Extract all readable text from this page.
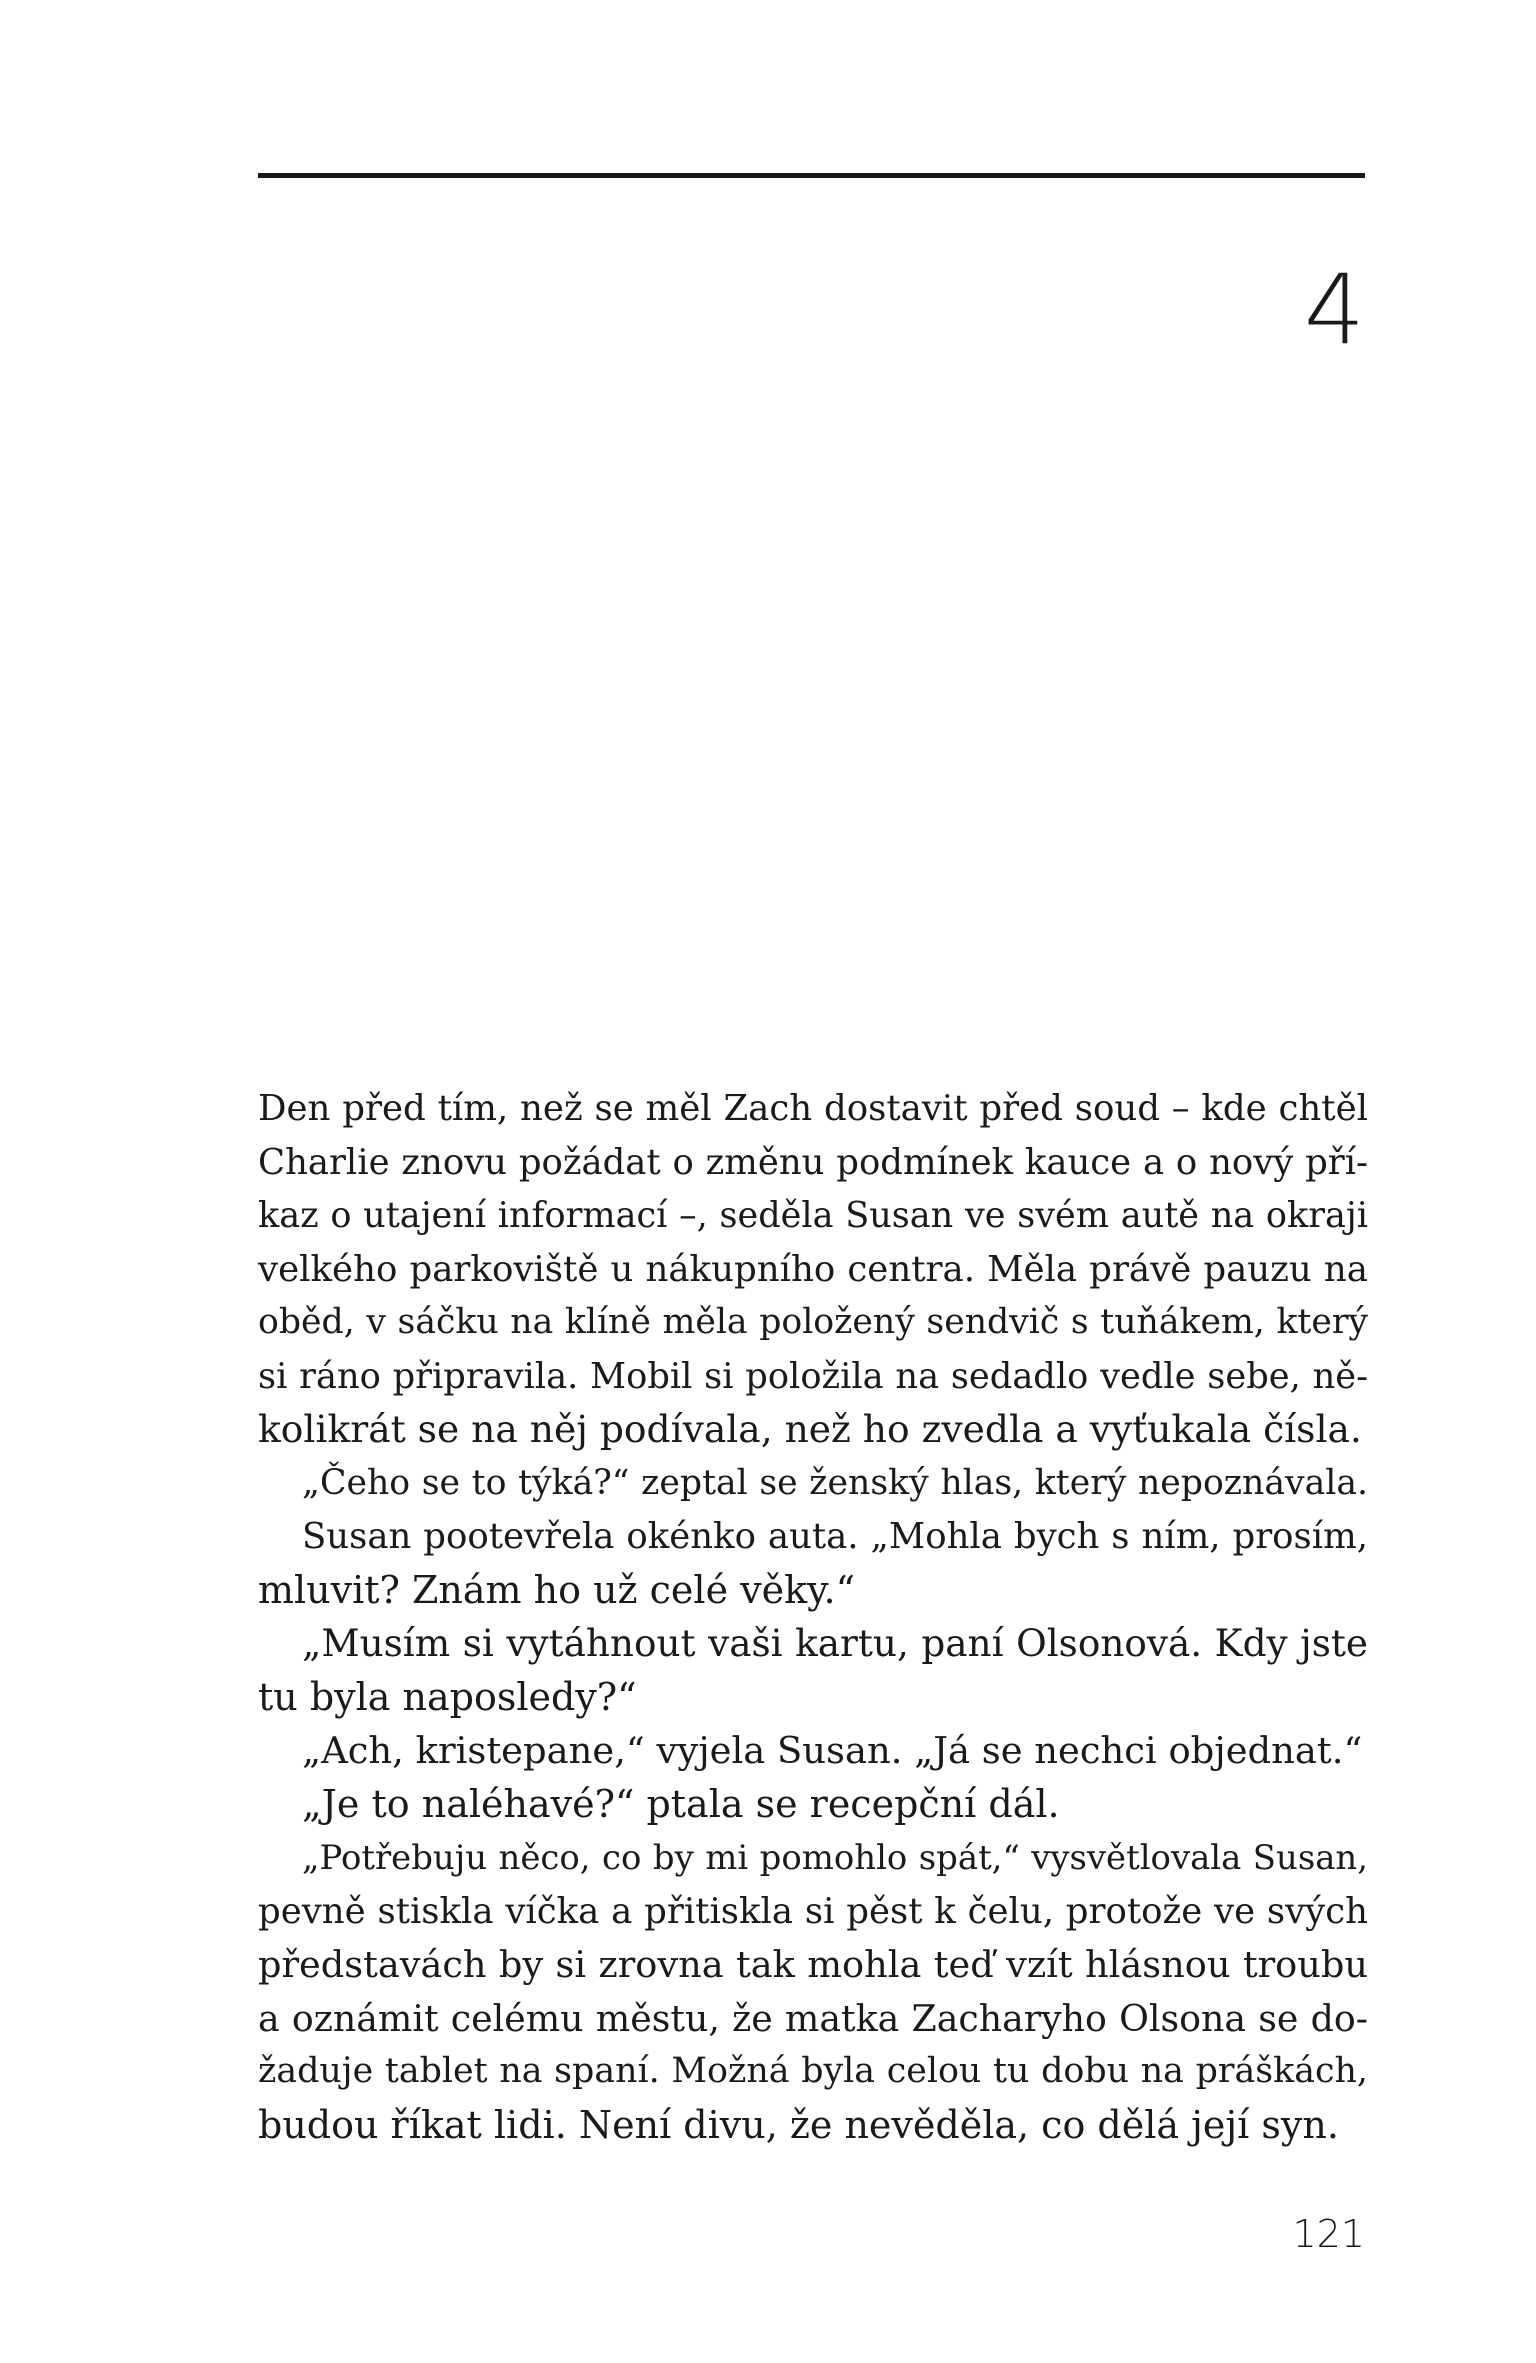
4
Den před tím, než se měl Zach dostavit před soud – kde chtěl
Charlie znovu požádat o změnu podmínek kauce a o nový pří-
kaz o utajení informací –, seděla Susan ve svém autě na okraji
velkého parkoviště u nákupního centra. Měla právě pauzu na
oběd, v sáčku na klíně měla položený sendvič s tuňákem, který
si ráno připravila. Mobil si položila na sedadlo vedle sebe, ně-
kolikrát se na něj podívala, než ho zvedla a vyťukala čísla.
„Čeho se to týká?“ zeptal se ženský hlas, který nepoznávala.
Susan pootevřela okénko auta. „Mohla bych s ním, prosím,
mluvit? Znám ho už celé věky.“
„Musím si vytáhnout vaši kartu, paní Olsonová. Kdy jste
tu byla naposledy?“
„Ach, kristepane,“ vyjela Susan. „Já se nechci objednat.“
„Je to naléhavé?“ ptala se recepční dál.
„Potřebuju něco, co by mi pomohlo spát,“ vysvětlovala Susan,
pevně stiskla víčka a přitiskla si pěst k čelu, protože ve svých
představách by si zrovna tak mohla teď vzít hlásnou troubu
a oznámit celému městu, že matka Zacharyho Olsona se do-
žaduje tablet na spaní. Možná byla celou tu dobu na práškách,
budou říkat lidi. Není divu, že nevěděla, co dělá její syn.
121
